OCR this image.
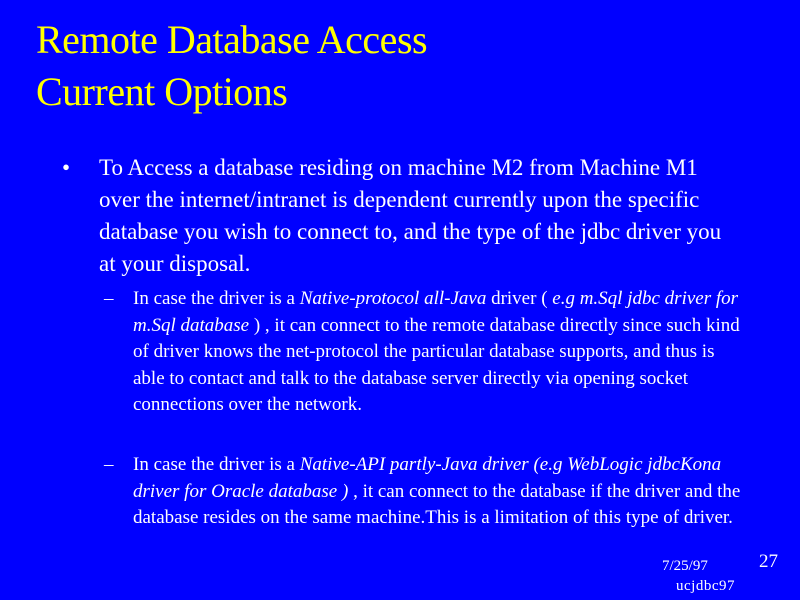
Remote Database Access
Current Options
•	To Access a database residing on machine M2 from Machine M1 over the internet/intranet is dependent currently upon the specific database you wish to connect to, and the type of the jdbc driver you at your disposal.
– In case the driver is a Native-protocol all-Java driver ( e.g m.Sql jdbc driver for m.Sql database ) , it can connect to the remote database directly since such kind of driver knows the net-protocol the particular database supports, and thus is able to contact and talk to the database server directly via opening socket connections over the network.
– In case the driver is a Native-API partly-Java driver (e.g WebLogic jdbcKona driver for Oracle database ) , it can connect to the database if the driver and the database resides on the same machine.This is a limitation of this type of driver.
7/25/97
ucjdbc97
27
